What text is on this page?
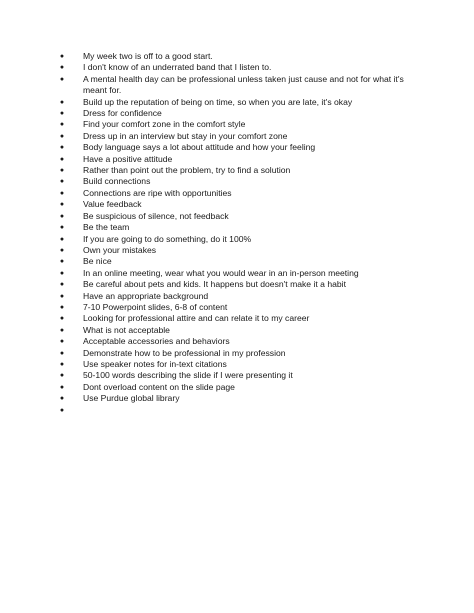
●	My week two is off to a good start.
●	I don't know of an underrated band that I listen to.
●	A mental health day can be professional unless taken just cause and not for what it's meant for.
●	Build up the reputation of being on time, so when you are late, it's okay
●	Dress for confidence
●	Find your comfort zone in the comfort style
●	Dress up in an interview but stay in your comfort zone
●	Body language says a lot about attitude and how your feeling
●	Have a positive attitude
●	Rather than point out the problem, try to find a solution
●	Build connections
●	Connections are ripe with opportunities
●	Value feedback
●	Be suspicious of silence, not feedback
●	Be the team
●	If you are going to do something, do it 100%
●	Own your mistakes
●	Be nice
●	In an online meeting, wear what you would wear in an in-person meeting
●	Be careful about pets and kids. It happens but doesn't make it a habit
●	Have an appropriate background
●	7-10 Powerpoint slides, 6-8 of content
●	Looking for professional attire and can relate it to my career
●	What is not acceptable
●	Acceptable accessories and behaviors
●	Demonstrate how to be professional in my profession
●	Use speaker notes for in-text citations
●	50-100 words describing the slide if I were presenting it
●	Dont overload content on the slide page
●	Use Purdue global library
●
